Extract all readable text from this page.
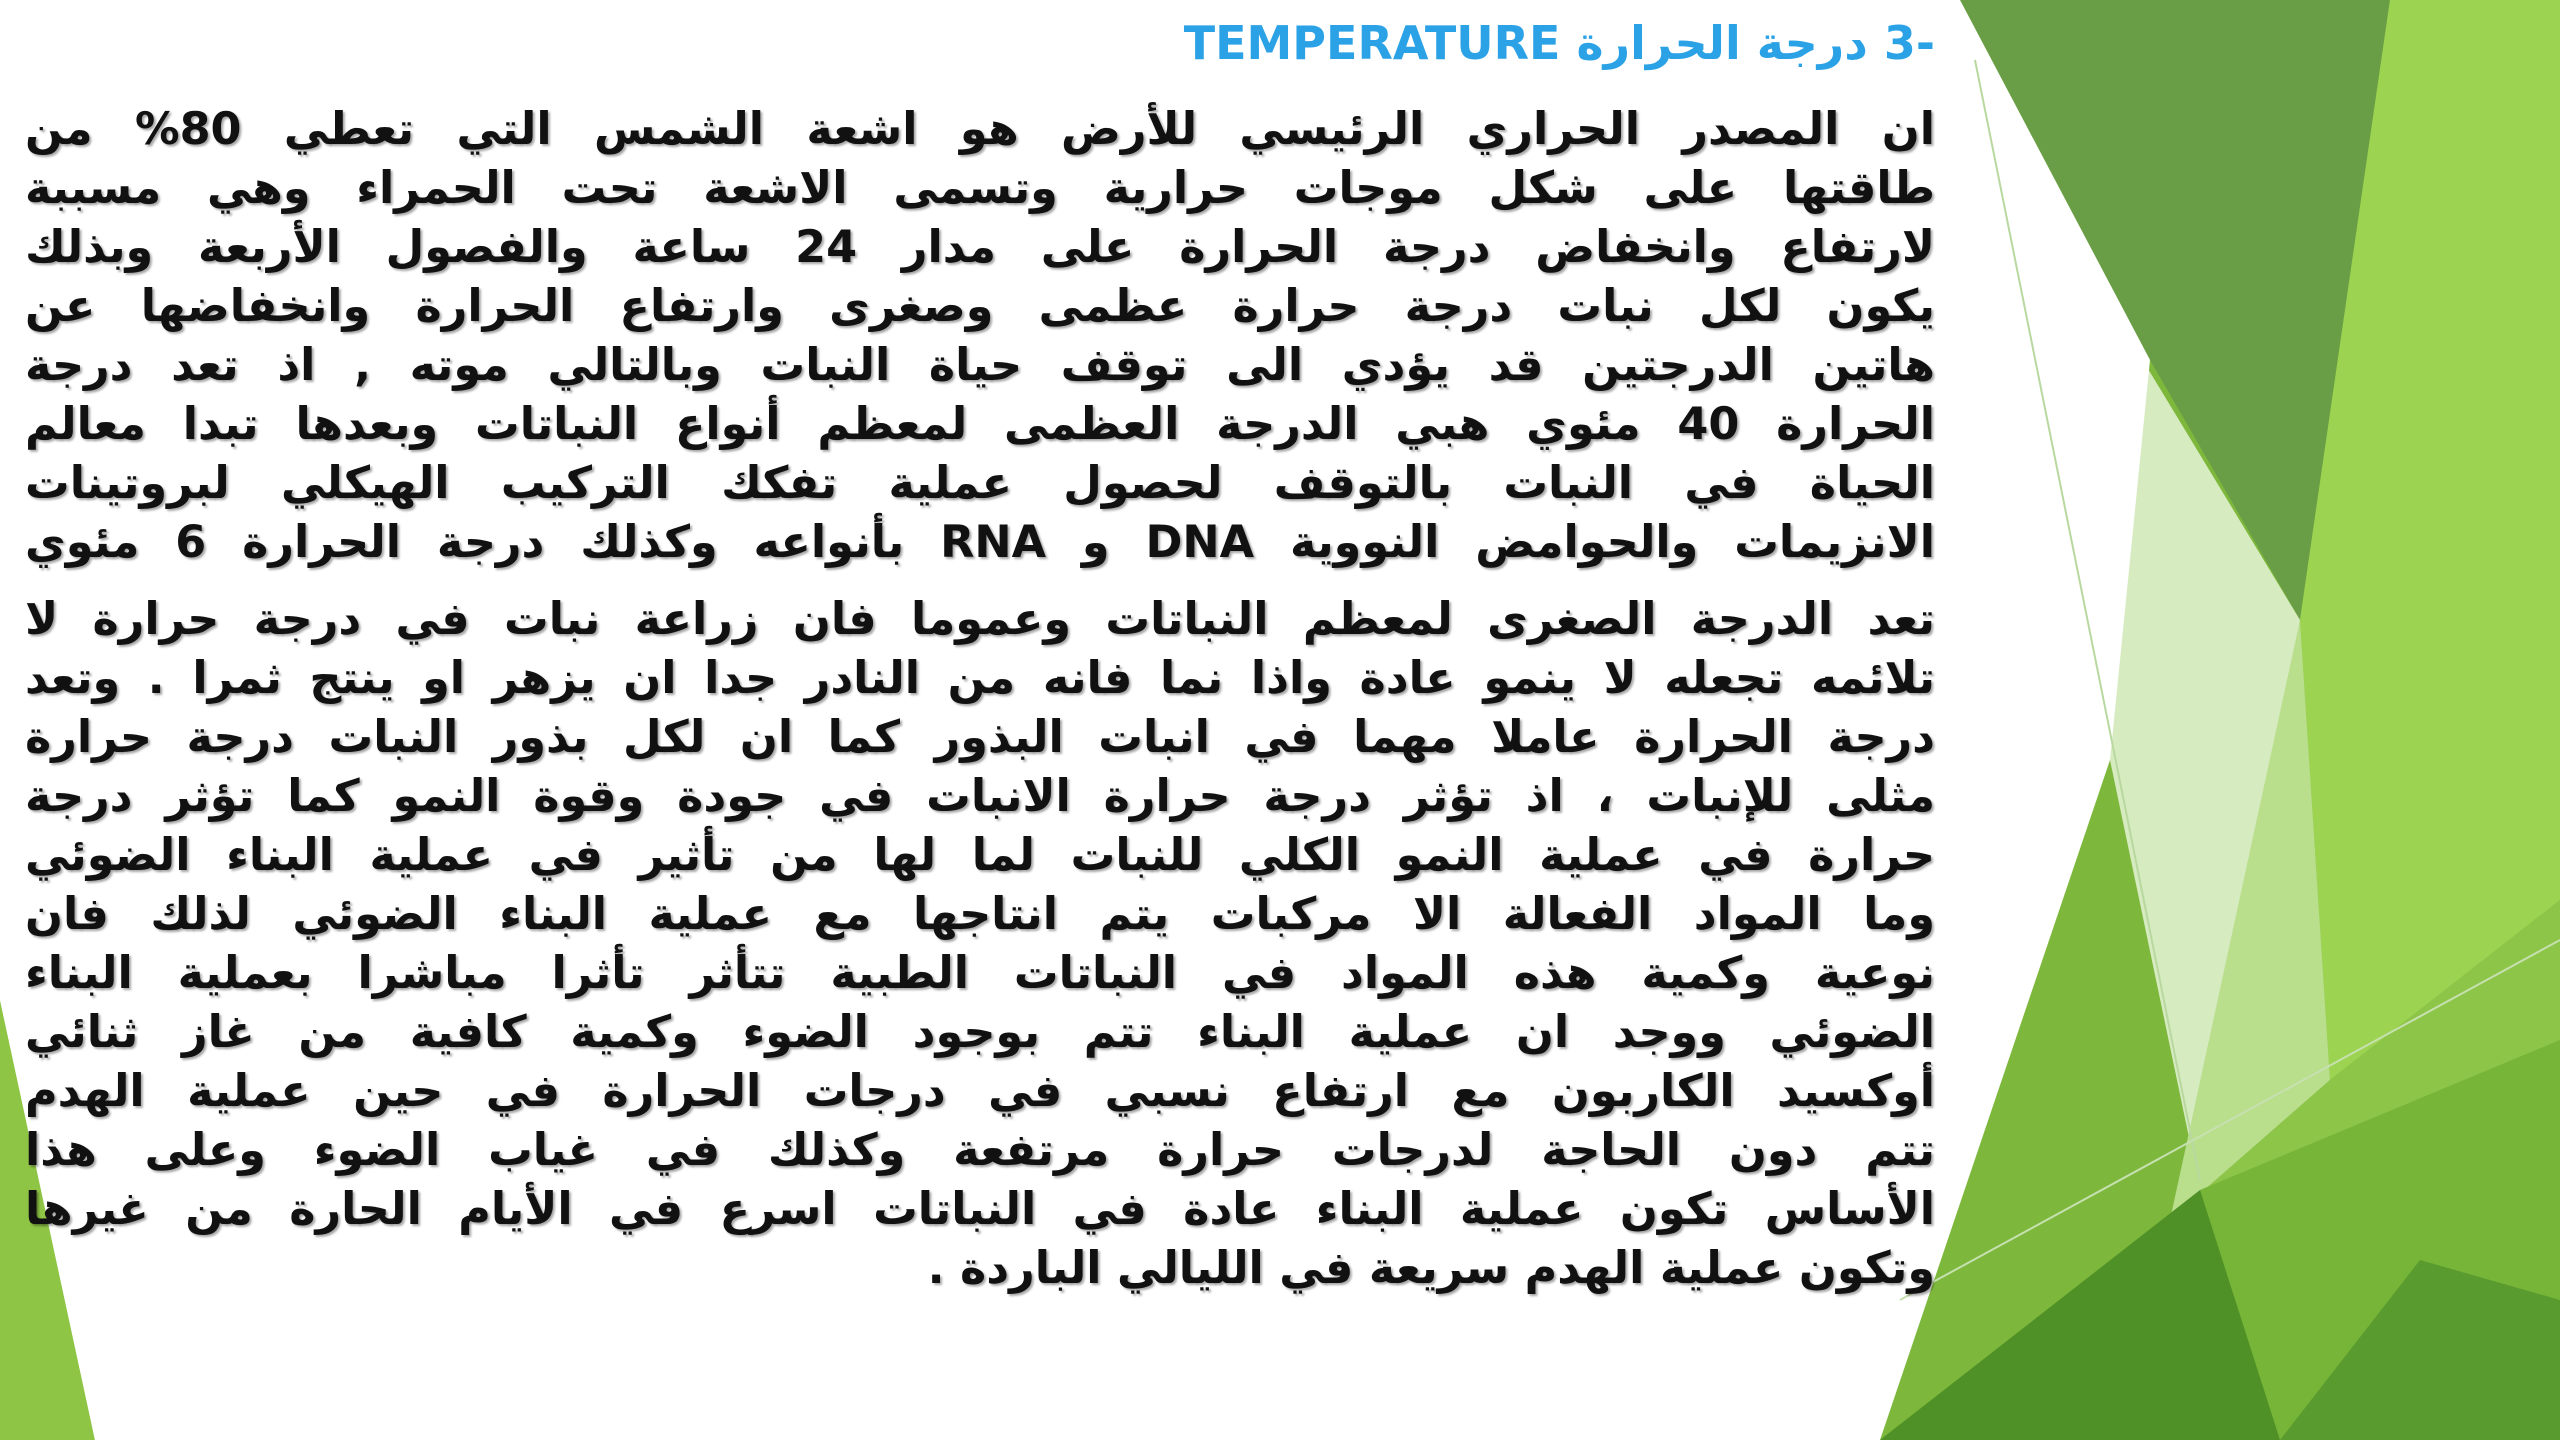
-3 درجة الحرارة TEMPERATURE

ان المصدر الحراري الرئيسي للأرض هو اشعة الشمس التي تعطي 80% من
طاقتها على شكل موجات حرارية وتسمى الاشعة تحت الحمراء وهي مسببة
لارتفاع وانخفاض درجة الحرارة على مدار 24 ساعة والفصول الأربعة وبذلك
يكون لكل نبات درجة حرارة عظمى وصغرى وارتفاع الحرارة وانخفاضها عن
هاتين الدرجتين قد يؤدي الى توقف حياة النبات وبالتالي موته , اذ تعد درجة
الحرارة 40 مئوي هبي الدرجة العظمى لمعظم أنواع النباتات وبعدها تبدا معالم
الحياة في النبات بالتوقف لحصول عملية تفكك التركيب الهيكلي لبروتينات
الانزيمات والحوامض النووية DNA و RNA بأنواعه وكذلك درجة الحرارة 6 مئوي

تعد الدرجة الصغرى لمعظم النباتات وعموما فان زراعة نبات في درجة حرارة لا
تلائمه تجعله لا ينمو عادة واذا نما فانه من النادر جدا ان يزهر او ينتج ثمرا . وتعد
درجة الحرارة عاملا مهما في انبات البذور كما ان لكل بذور النبات درجة حرارة
مثلى للإنبات ، اذ تؤثر درجة حرارة الانبات في جودة وقوة النمو كما تؤثر درجة
حرارة في عملية النمو الكلي للنبات لما لها من تأثير في عملية البناء الضوئي
وما المواد الفعالة الا مركبات يتم انتاجها مع عملية البناء الضوئي لذلك فان
نوعية وكمية هذه المواد في النباتات الطبية تتأثر تأثرا مباشرا بعملية البناء
الضوئي ووجد ان عملية البناء تتم بوجود الضوء وكمية كافية من غاز ثنائي
أوكسيد الكاربون مع ارتفاع نسبي في درجات الحرارة في حين عملية الهدم
تتم دون الحاجة لدرجات حرارة مرتفعة وكذلك في غياب الضوء وعلى هذا
الأساس تكون عملية البناء عادة في النباتات اسرع في الأيام الحارة من غيرها
وتكون عملية الهدم سريعة في الليالي الباردة .
